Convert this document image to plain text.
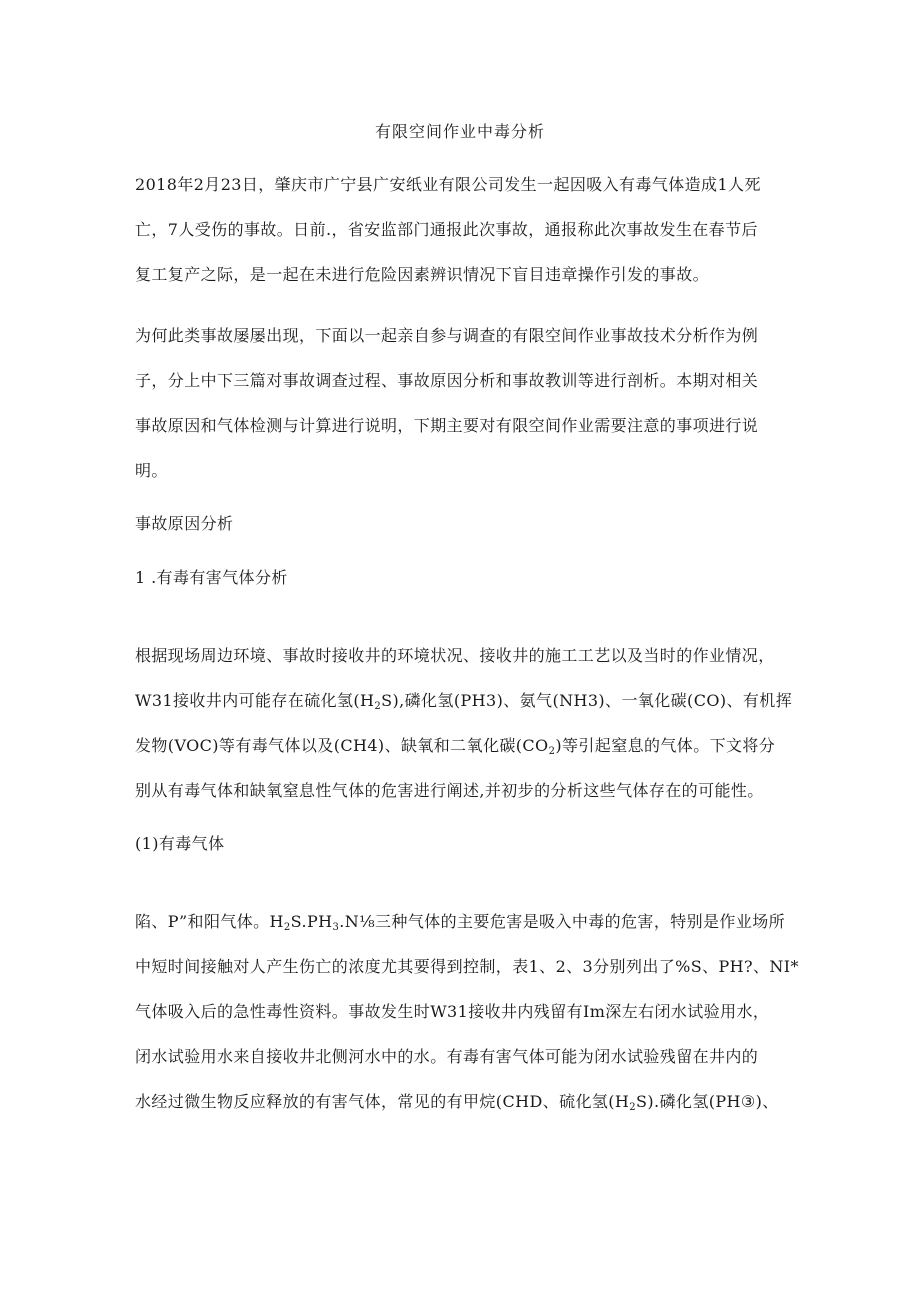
有限空间作业中毒分析
2018年2月23日，肇庆市广宁县广安纸业有限公司发生一起因吸入有毒气体造成1人死
亡，7人受伤的事故。日前.，省安监部门通报此次事故，通报称此次事故发生在春节后
复工复产之际，是一起在未进行危险因素辨识情况下盲目违章操作引发的事故。
为何此类事故屡屡出现，下面以一起亲自参与调查的有限空间作业事故技术分析作为例
子，分上中下三篇对事故调查过程、事故原因分析和事故教训等进行剖析。本期对相关
事故原因和气体检测与计算进行说明，下期主要对有限空间作业需要注意的事项进行说
明。
事故原因分析
1 .有毒有害气体分析
根据现场周边环境、事故时接收井的环境状况、接收井的施工工艺以及当时的作业情况，
W31接收井内可能存在硫化氢$(H_2S)$,磷化氢(PH3)、氨气(NH3)、一氧化碳(CO)、有机挥
发物(VOC)等有毒气体以及(CH4)、缺氧和二氧化碳$(CO_2)$等引起窒息的气体。下文将分
别从有毒气体和缺氧窒息性气体的危害进行阐述,并初步的分析这些气体存在的可能性。
(1)有毒气体
陷、P”和阳气体。$H_2S.PH_3.N\frac{1}{8}$三种气体的主要危害是吸入中毒的危害，特别是作业场所
中短时间接触对人产生伤亡的浓度尤其要得到控制，表1、2、3分别列出了%S、PH?、NI*
气体吸入后的急性毒性资料。事故发生时W31接收井内残留有Im深左右闭水试验用水，
闭水试验用水来自接收井北侧河水中的水。有毒有害气体可能为闭水试验残留在井内的
水经过微生物反应释放的有害气体，常见的有甲烷(CHD、硫化氢$(H_2S)$.磷化氢(PH③)、
